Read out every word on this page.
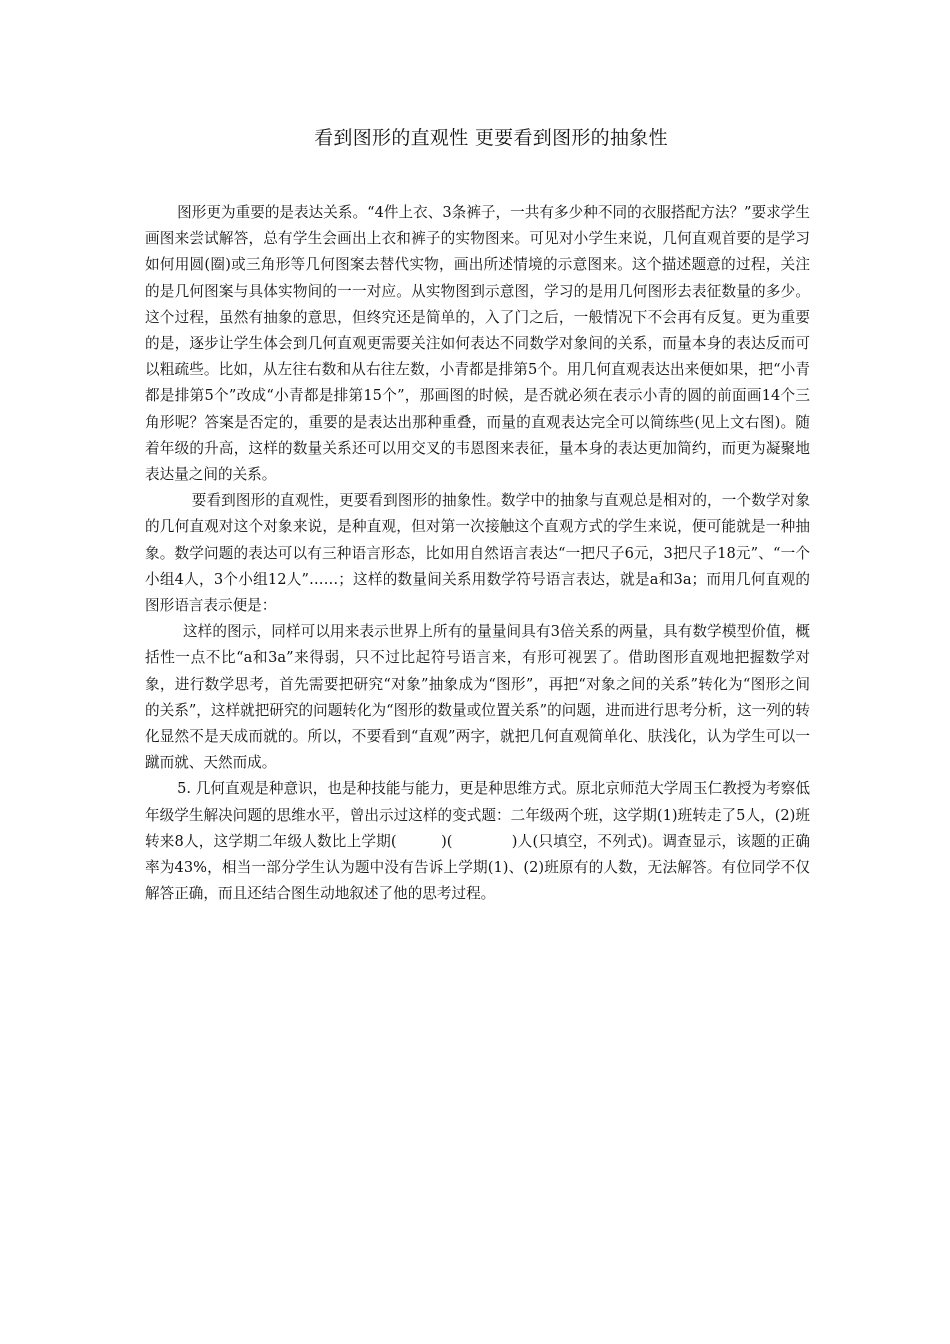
看到图形的直观性 更要看到图形的抽象性

图形更为重要的是表达关系。“4件上衣、3条裤子，一共有多少种不同的衣服搭配方法？”要求学生画图来尝试解答，总有学生会画出上衣和裤子的实物图来。可见对小学生来说，几何直观首要的是学习如何用圆(圈)或三角形等几何图案去替代实物，画出所述情境的示意图来。这个描述题意的过程，关注的是几何图案与具体实物间的一一对应。从实物图到示意图，学习的是用几何图形去表征数量的多少。这个过程，虽然有抽象的意思，但终究还是简单的，入了门之后，一般情况下不会再有反复。更为重要的是，逐步让学生体会到几何直观更需要关注如何表达不同数学对象间的关系，而量本身的表达反而可以粗疏些。比如，从左往右数和从右往左数，小青都是排第5个。用几何直观表达出来便如果，把“小青都是排第5个”改成“小青都是排第15个”，那画图的时候，是否就必须在表示小青的圆的前面画14个三角形呢？答案是否定的，重要的是表达出那种重叠，而量的直观表达完全可以简练些(见上文右图)。随着年级的升高，这样的数量关系还可以用交叉的韦恩图来表征，量本身的表达更加简约，而更为凝聚地表达量之间的关系。

要看到图形的直观性，更要看到图形的抽象性。数学中的抽象与直观总是相对的，一个数学对象的几何直观对这个对象来说，是种直观，但对第一次接触这个直观方式的学生来说，便可能就是一种抽象。数学问题的表达可以有三种语言形态，比如用自然语言表达“一把尺子6元，3把尺子18元”、“一个小组4人，3个小组12人”……；这样的数量间关系用数学符号语言表达，就是a和3a；而用几何直观的图形语言表示便是：

这样的图示，同样可以用来表示世界上所有的量量间具有3倍关系的两量，具有数学模型价值，概括性一点不比“a和3a”来得弱，只不过比起符号语言来，有形可视罢了。借助图形直观地把握数学对象，进行数学思考，首先需要把研究“对象”抽象成为“图形”，再把“对象之间的关系”转化为“图形之间的关系”，这样就把研究的问题转化为“图形的数量或位置关系”的问题，进而进行思考分析，这一列的转化显然不是天成而就的。所以，不要看到“直观”两字，就把几何直观简单化、肤浅化，认为学生可以一蹴而就、天然而成。

5. 几何直观是种意识，也是种技能与能力，更是种思维方式。原北京师范大学周玉仁教授为考察低年级学生解决问题的思维水平，曾出示过这样的变式题：二年级两个班，这学期(1)班转走了5人，(2)班转来8人，这学期二年级人数比上学期(　　　)(　　　　)人(只填空，不列式)。调查显示，该题的正确率为43%，相当一部分学生认为题中没有告诉上学期(1)、(2)班原有的人数，无法解答。有位同学不仅解答正确，而且还结合图生动地叙述了他的思考过程。
